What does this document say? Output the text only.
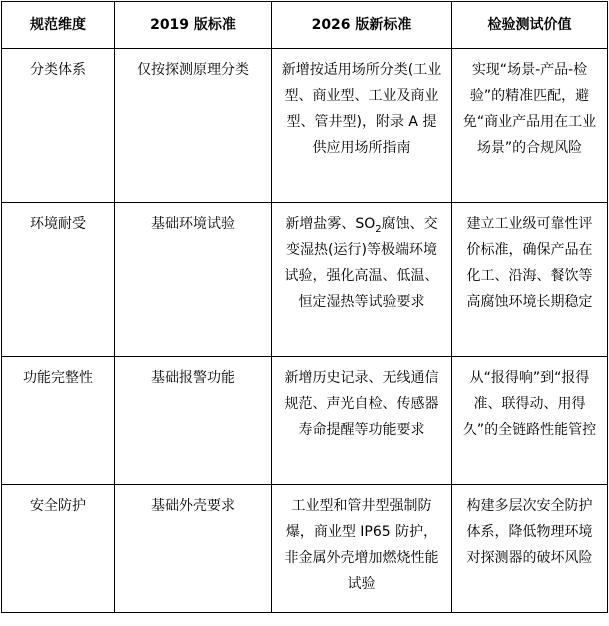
规范维度	2019 版标准	2026 版新标准	检验测试价值
分类体系	仅按探测原理分类	新增按适用场所分类(工业型、商业型、工业及商业型、管井型)，附录 A 提供应用场所指南	实现“场景-产品-检验”的精准匹配，避免“商业产品用在工业场景”的合规风险
环境耐受	基础环境试验	新增盐雾、$SO_2$腐蚀、交变湿热(运行)等极端环境试验，强化高温、低温、恒定湿热等试验要求	建立工业级可靠性评价标准，确保产品在化工、沿海、餐饮等高腐蚀环境长期稳定
功能完整性	基础报警功能	新增历史记录、无线通信规范、声光自检、传感器寿命提醒等功能要求	从“报得响”到“报得准、联得动、用得久”的全链路性能管控
安全防护	基础外壳要求	工业型和管井型强制防爆，商业型 IP65 防护，非金属外壳增加燃烧性能试验	构建多层次安全防护体系，降低物理环境对探测器的破坏风险
